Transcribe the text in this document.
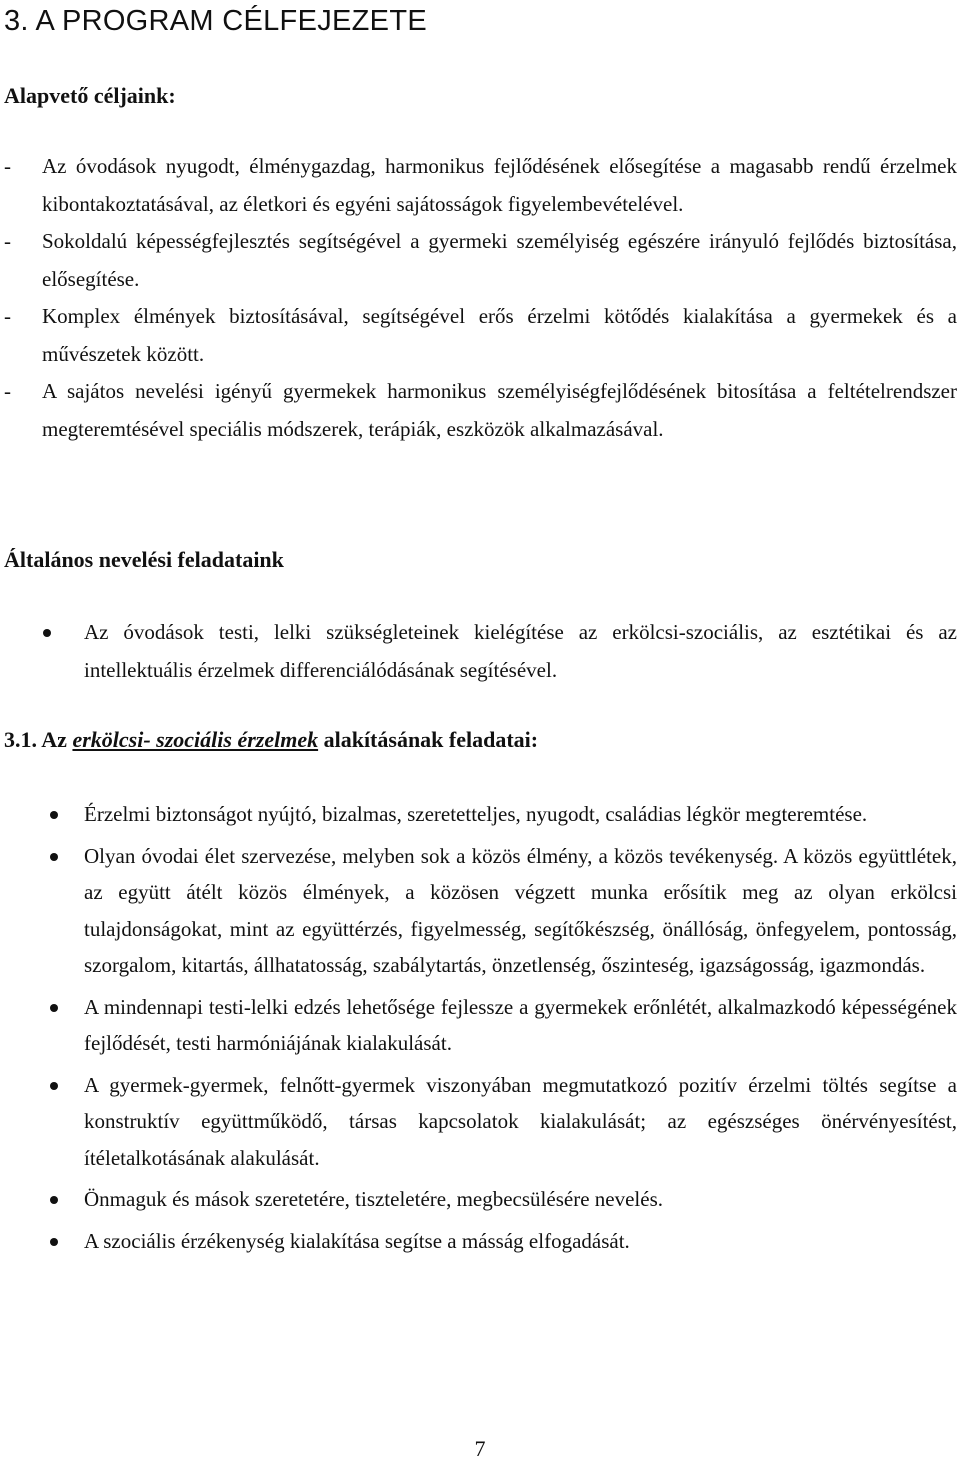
3. A PROGRAM CÉLFEJEZETE
Alapvető céljaink:
- Az óvodások nyugodt, élménygazdag, harmonikus fejlődésének elősegítése a magasabb rendű érzelmek kibontakoztatásával, az életkori és egyéni sajátosságok figyelembevételével.
- Sokoldalú képességfejlesztés segítségével a gyermeki személyiség egészére irányuló fejlődés biztosítása, elősegítése.
- Komplex élmények biztosításával, segítségével erős érzelmi kötődés kialakítása a gyermekek és a művészetek között.
- A sajátos nevelési igényű gyermekek harmonikus személyiségfejlődésének bitosítása a feltételrendszer megteremtésével speciális módszerek, terápiák, eszközök alkalmazásával.
Általános nevelési feladataink
Az óvodások testi, lelki szükségleteinek kielégítése az erkölcsi-szociális, az esztétikai és az intellektuális érzelmek differenciálódásának segítésével.
3.1. Az erkölcsi- szociális érzelmek alakításának feladatai:
Érzelmi biztonságot nyújtó, bizalmas, szeretetteljes, nyugodt, családias légkör megteremtése.
Olyan óvodai élet szervezése, melyben sok a közös élmény, a közös tevékenység. A közös együttlétek, az együtt átélt közös élmények, a közösen végzett munka erősítik meg az olyan erkölcsi tulajdonságokat, mint az együttérzés, figyelmesség, segítőkészség, önállóság, önfegyelem, pontosság, szorgalom, kitartás, állhatatosság, szabálytartás, önzetlenség, őszinteség, igazságosság, igazmondás.
A mindennapi testi-lelki edzés lehetősége fejlessze a gyermekek erőnlétét, alkalmazkodó képességének fejlődését, testi harmóniájának kialakulását.
A gyermek-gyermek, felnőtt-gyermek viszonyában megmutatkozó pozitív érzelmi töltés segítse a konstruktív együttműködő, társas kapcsolatok kialakulását; az egészséges önérvényesítést, ítéletalkotásának alakulását.
Önmaguk és mások szeretetére, tiszteletére, megbecsülésére nevelés.
A szociális érzékenység kialakítása segítse a másság elfogadását.
7
